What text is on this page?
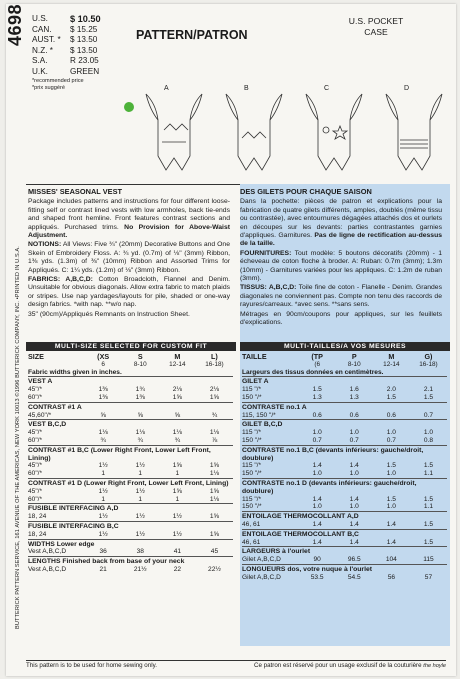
4698
BUTTERICK PATTERN SERVICE, 161 AVENUE OF THE AMERICAS, NEW YORK 10013 ©1996 BUTTERICK COMPANY, INC. •PRINTED IN U.S.A.
U.S.	$ 10.50
CAN.	$ 15.25
AUST. *	$ 13.50
N.Z. *	$ 13.50
S.A.	R 23.05
U.K.	GREEN
*recommended price
*prix suggéré
PATTERN/PATRON
U.S. POCKET
CASE
A	B	C	D
MISSES' SEASONAL VEST

Package includes patterns and instructions for four different loose-fitting self or contrast lined vests with low armholes, back tie-ends and shaped front hemline. Front features contrast sections and appliqués. Purchased trims. No Provision for Above-Waist Adjustment.

NOTIONS: All Views: Five ¾" (20mm) Decorative Buttons and One Skein of Embroidery Floss. A: ¾ yd. (0.7m) of ⅛" (3mm) Ribbon, 1⅜ yds. (1.3m) of ⅜" (10mm) Ribbon and Assorted Trims for Appliqués. C: 1¼ yds. (1.2m) of ⅛" (3mm) Ribbon.

FABRICS: A,B,C,D: Cotton Broadcloth, Flannel and Denim. Unsuitable for obvious diagonals. Allow extra fabric to match plaids or stripes. Use nap yardages/layouts for pile, shaded or one-way design fabrics. *with nap. **w/o nap.

35" (90cm)/Appliqués Remnants on Instruction Sheet.

DES GILETS POUR CHAQUE SAISON

Dans la pochette: pièces de patron et explications pour la fabrication de quatre gilets différents, amples, doublés (même tissu ou contrastée), avec entournures dégagées attachés dos et ourlets en découpes sur les devants: parties contrastantes garnies d'appliques. Garnitures. Pas de ligne de rectification au-dessus de la taille.

FOURNITURES: Tout modèle: 5 boutons décoratifs (20mm) - 1 écheveau de coton floche à broder. A: Ruban: 0.7m (3mm); 1.3m (10mm) - Garnitures variées pour les appliques. C: 1.2m de ruban (3mm).

TISSUS: A,B,C,D: Toile fine de coton - Flanelle - Denim. Grandes diagonales ne conviennent pas. Compte non tenu des raccords de rayures/carreaux. *avec sens. **sans sens.

Métrages en 90cm/coupons pour appliques, sur les feuillets d'explications.

MULTI-SIZE SELECTED FOR CUSTOM FIT	MULTI-TAILLES/A VOS MESURES
SIZE	(XS	S	M	L)
6	8-10	12-14	16-18)
Fabric widths given in inches.
VEST A
45"/*	1⅜	1¾	2⅛	2⅛
60"/*	1⅜	1⅜	1⅝	1⅝
CONTRAST #1 A
45,60"/*	⅝	⅝	⅝	¾
VEST B,C,D
45"/*	1⅛	1⅛	1⅛	1⅛
60"/*	¾	¾	¾	⅞
CONTRAST #1 B,C (Lower Right Front, Lower Left Front, Lining)
45"/*	1½	1½	1⅝	1⅝
60"/*	1	1	1	1⅛
CONTRAST #1 D (Lower Right Front, Lower Left Front, Lining)
45"/*	1½	1½	1⅝	1⅝
60"/*	1	1	1	1⅛
FUSIBLE INTERFACING A,D
18, 24	1½	1½	1½	1⅝
FUSIBLE INTERFACING B,C
18, 24	1½	1½	1½	1⅝
WIDTHS Lower edge
Vest A,B,C,D	36	38	41	45
LENGTHS Finished back from base of your neck
Vest A,B,C,D	21	21½	22	22½
TAILLE	(TP	P	M	G)
(6	8-10	12-14	16-18)
Largeurs des tissus données en centimètres.
GILET A
115 "/*	1.5	1.6	2.0	2.1
150 "/*	1.3	1.3	1.5	1.5
CONTRASTE no.1 A
115, 150 "/*	0.6	0.6	0.6	0.7
GILET B,C,D
115 "/*	1.0	1.0	1.0	1.0
150 "/*	0.7	0.7	0.7	0.8
CONTRASTE no.1 B,C (devants inférieurs: gauche/droit, doublure)
115 "/*	1.4	1.4	1.5	1.5
150 "/*	1.0	1.0	1.0	1.1
CONTRASTE no.1 D (devants inférieurs: gauche/droit, doublure)
115 "/*	1.4	1.4	1.5	1.5
150 "/*	1.0	1.0	1.0	1.1
ENTOILAGE THERMOCOLLANT A,D
46, 61	1.4	1.4	1.4	1.5
ENTOILAGE THERMOCOLLANT B,C
46, 61	1.4	1.4	1.4	1.5
LARGEURS à l'ourlet
Gilet A,B,C,D	90	96.5	104	115
LONGUEURS dos, votre nuque à l'ourlet
Gilet A,B,C,D	53.5	54.5	56	57
This pattern is to be used for home sewing only.	Ce patron est réservé pour un usage exclusif de la couturière the hoyle
